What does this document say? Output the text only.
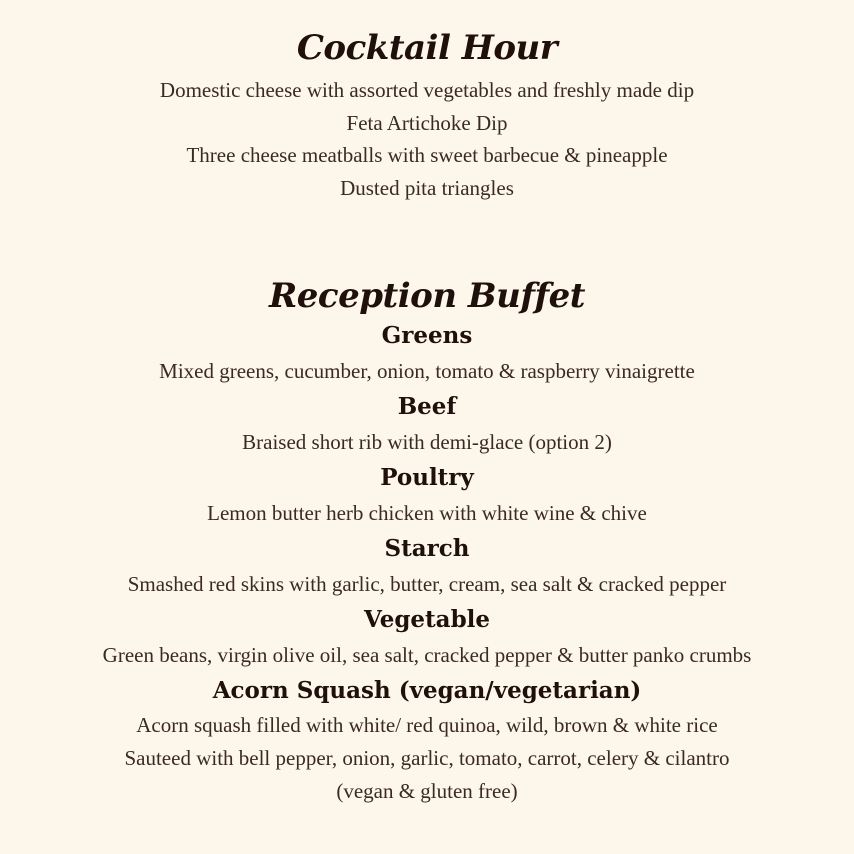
Cocktail Hour

Domestic cheese with assorted vegetables and freshly made dip

Feta Artichoke Dip

Three cheese meatballs with sweet barbecue & pineapple

Dusted pita triangles

Reception Buffet
Greens

Mixed greens, cucumber, onion, tomato & raspberry vinaigrette

Beef

Braised short rib with demi-glace (option 2)

Poultry

Lemon butter herb chicken with white wine & chive

Starch

Smashed red skins with garlic, butter, cream, sea salt & cracked pepper

Vegetable

Green beans, virgin olive oil, sea salt, cracked pepper & butter panko crumbs

Acorn Squash (vegan/vegetarian)

Acorn squash filled with white/ red quinoa, wild, brown & white rice

Sauteed with bell pepper, onion, garlic, tomato, carrot, celery & cilantro

(vegan & gluten free)
